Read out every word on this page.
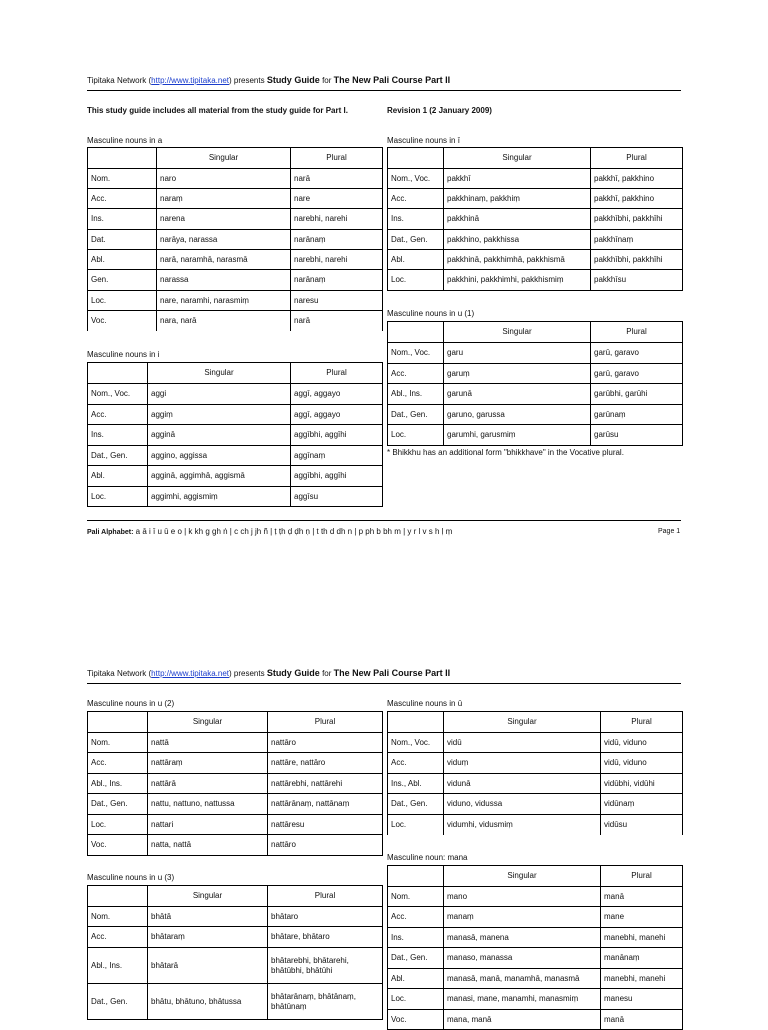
Tipitaka Network (http://www.tipitaka.net) presents Study Guide for The New Pali Course Part II
This study guide includes all material from the study guide for Part I.	Revision 1 (2 January 2009)
Masculine nouns in a
	Singular	Plural
Nom.	naro	narā
Acc.	naraṃ	nare
Ins.	narena	narebhi, narehi
Dat.	narāya, narassa	narānaṃ
Abl.	narā, naramhā, narasmā	narebhi, narehi
Gen.	narassa	narānaṃ
Loc.	nare, naramhi, narasmiṃ	naresu
Voc.	nara, narā	narā
Masculine nouns in i
	Singular	Plural
Nom., Voc.	aggi	aggī, aggayo
Acc.	aggiṃ	aggī, aggayo
Ins.	agginā	aggībhi, aggīhi
Dat., Gen.	aggino, aggissa	aggīnaṃ
Abl.	agginā, aggimhā, aggismā	aggībhi, aggīhi
Loc.	aggimhi, aggismiṃ	aggīsu
Masculine nouns in ī
	Singular	Plural
Nom., Voc.	pakkhī	pakkhī, pakkhino
Acc.	pakkhinaṃ, pakkhiṃ	pakkhī, pakkhino
Ins.	pakkhinā	pakkhībhi, pakkhīhi
Dat., Gen.	pakkhino, pakkhissa	pakkhīnaṃ
Abl.	pakkhinā, pakkhimhā, pakkhismā	pakkhībhi, pakkhīhi
Loc.	pakkhini, pakkhimhi, pakkhismiṃ	pakkhīsu
Masculine nouns in u (1)
	Singular	Plural
Nom., Voc.	garu	garū, garavo
Acc.	garuṃ	garū, garavo
Abl., Ins.	garunā	garūbhi, garūhi
Dat., Gen.	garuno, garussa	garūnaṃ
Loc.	garumhi, garusmiṃ	garūsu
* Bhikkhu has an additional form "bhikkhave" in the Vocative plural.
Pali Alphabet: a ā i ī u ū e o | k kh g gh ṅ | c ch j jh ñ | ṭ ṭh ḍ ḍh ṇ | t th d dh n | p ph b bh m | y r l v s h ḷ ṃ	Page 1
Tipitaka Network (http://www.tipitaka.net) presents Study Guide for The New Pali Course Part II
Masculine nouns in u (2)
	Singular	Plural
Nom.	nattā	nattāro
Acc.	nattāraṃ	nattāre, nattāro
Abl., Ins.	nattārā	nattārebhi, nattārehi
Dat., Gen.	nattu, nattuno, nattussa	nattārānaṃ, nattānaṃ
Loc.	nattari	nattāresu
Voc.	natta, nattā	nattāro
Masculine nouns in u (3)
	Singular	Plural
Nom.	bhātā	bhātaro
Acc.	bhātaraṃ	bhātare, bhātaro
Abl., Ins.	bhātarā	bhātarebhi, bhātarehi, bhātūbhi, bhātūhi
Dat., Gen.	bhātu, bhātuno, bhātussa	bhātarānaṃ, bhātānaṃ, bhātūnaṃ
Masculine nouns in ū
	Singular	Plural
Nom., Voc.	vidū	vidū, viduno
Acc.	viduṃ	vidū, viduno
Ins., Abl.	vidunā	vidūbhi, vidūhi
Dat., Gen.	viduno, vidussa	vidūnaṃ
Loc.	vidumhi, vidusmiṃ	vidūsu
Masculine noun: mana
	Singular	Plural
Nom.	mano	manā
Acc.	manaṃ	mane
Ins.	manasā, manena	manebhi, manehi
Dat., Gen.	manaso, manassa	manānaṃ
Abl.	manasā, manā, manamhā, manasmā	manebhi, manehi
Loc.	manasi, mane, manamhi, manasmiṃ	manesu
Voc.	mana, manā	manā
